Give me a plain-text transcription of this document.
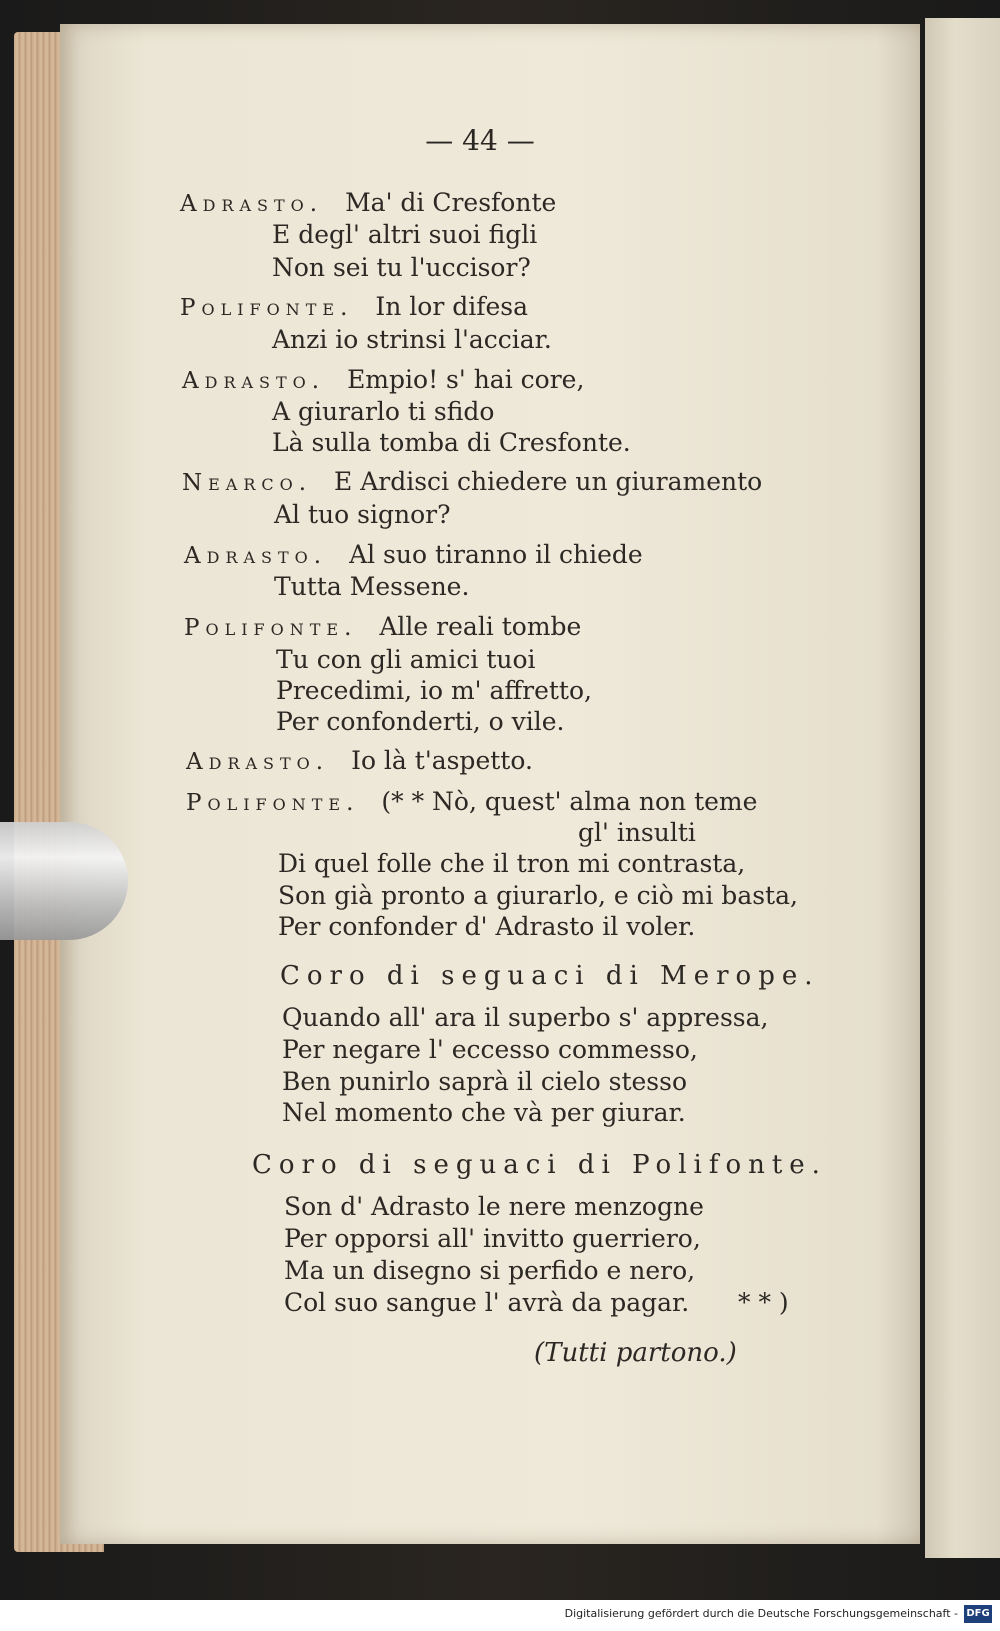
— 44 —
Adrasto. Ma' di Cresfonte
E degl' altri suoi figli
Non sei tu l'uccisor?
Polifonte. In lor difesa
Anzi io strinsi l'acciar.
Adrasto. Empio! s' hai core,
A giurarlo ti sfido
Là sulla tomba di Cresfonte.
Nearco. E Ardisci chiedere un giuramento
Al tuo signor?
Adrasto. Al suo tiranno il chiede
Tutta Messene.
Polifonte. Alle reali tombe
Tu con gli amici tuoi
Precedimi, io m' affretto,
Per confonderti, o vile.
Adrasto. Io là t'aspetto.
Polifonte. (* * Nò, quest' alma non teme
gl' insulti
Di quel folle che il tron mi contrasta,
Son già pronto a giurarlo, e ciò mi basta,
Per confonder d' Adrasto il voler.
Coro di seguaci di Merope.
Quando all' ara il superbo s' appressa,
Per negare l' eccesso commesso,
Ben punirlo saprà il cielo stesso
Nel momento che và per giurar.
Coro di seguaci di Polifonte.
Son d' Adrasto le nere menzogne
Per opporsi all' invitto guerriero,
Ma un disegno si perfido e nero,
Col suo sangue l' avrà da pagar. * * )
(Tutti partono.)
Digitalisierung gefördert durch die Deutsche Forschungsgemeinschaft - DFG
